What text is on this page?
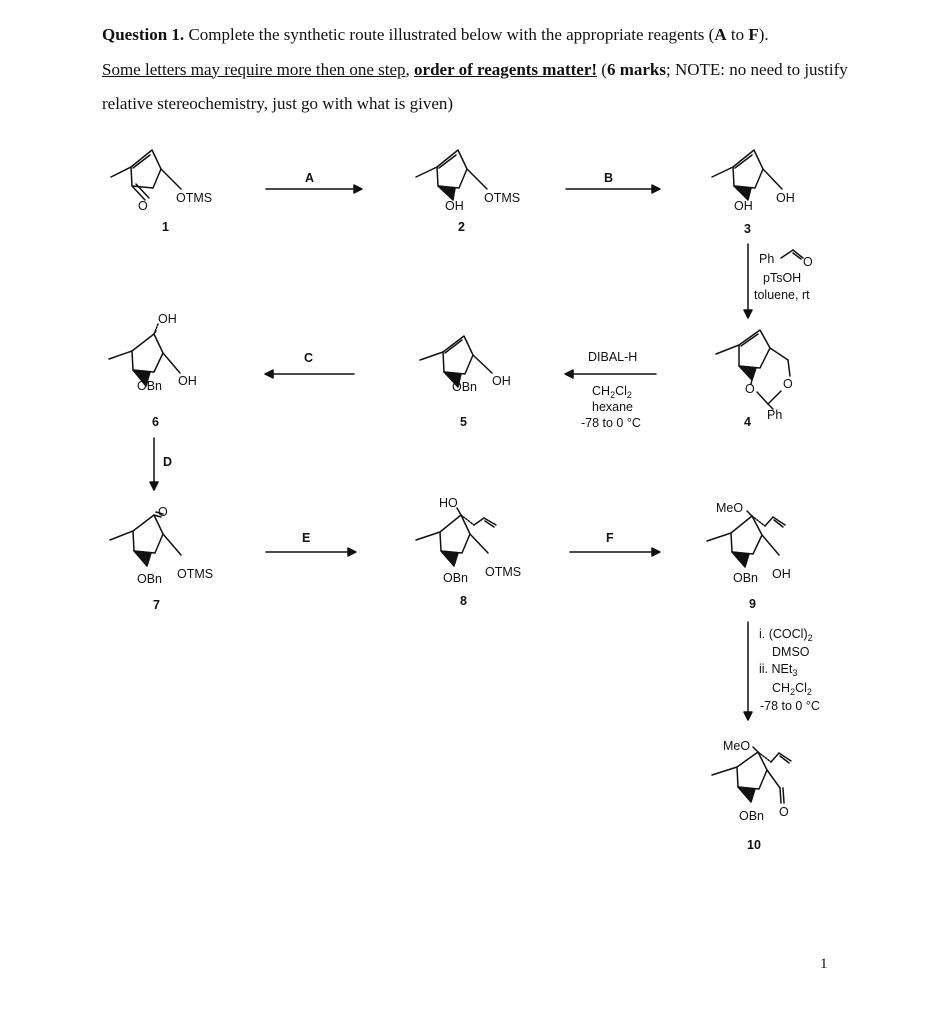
Question 1. Complete the synthetic route illustrated below with the appropriate reagents (A to F).
Some letters may require more then one step, order of reagents matter! (6 marks; NOTE: no need to justify relative stereochemistry, just go with what is given)
O
OTMS
1
A
OH
OTMS
2
B
OH
OH
3
Ph O
pTsOH
toluene, rt
O O
Ph
4
DIBAL-H
$CH_2Cl_2$
hexane
-78 to 0 °C
OBn OH
5
C
OH
OBn OH
6
D
O
OBn OTMS
7
E
HO
OBn OTMS
8
F
MeO
OBn OH
9
i. $(COCl)_2$
DMSO
ii. NEt$_3$
$CH_2Cl_2$
-78 to 0 °C
MeO
OBn O
10
1
